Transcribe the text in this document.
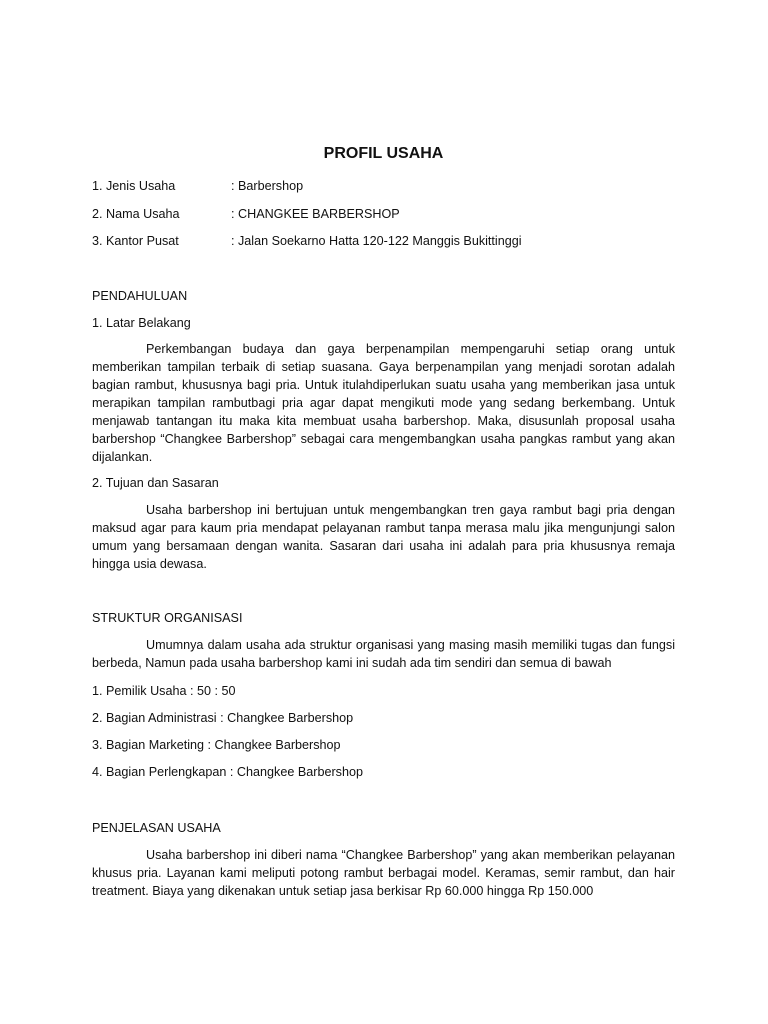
PROFIL USAHA
1. Jenis Usaha	: Barbershop
2. Nama Usaha	: CHANGKEE BARBERSHOP
3. Kantor Pusat	: Jalan Soekarno Hatta 120-122 Manggis Bukittinggi
PENDAHULUAN
1. Latar Belakang

Perkembangan budaya dan gaya berpenampilan mempengaruhi setiap orang untuk memberikan tampilan terbaik di setiap suasana. Gaya berpenampilan yang menjadi sorotan adalah bagian rambut, khususnya bagi pria. Untuk itulahdiperlukan suatu usaha yang memberikan jasa untuk merapikan tampilan rambutbagi pria agar dapat mengikuti mode yang sedang berkembang. Untuk menjawab tantangan itu maka kita membuat usaha barbershop. Maka, disusunlah proposal usaha barbershop “Changkee Barbershop” sebagai cara mengembangkan usaha pangkas rambut yang akan dijalankan.

2. Tujuan dan Sasaran

Usaha barbershop ini bertujuan untuk mengembangkan tren gaya rambut bagi pria dengan maksud agar para kaum pria mendapat pelayanan rambut tanpa merasa malu jika mengunjungi salon umum yang bersamaan dengan wanita. Sasaran dari usaha ini adalah para pria khususnya remaja hingga usia dewasa.

STRUKTUR ORGANISASI

Umumnya dalam usaha ada struktur organisasi yang masing masih memiliki tugas dan fungsi berbeda, Namun pada usaha barbershop kami ini sudah ada tim sendiri dan semua di bawah

1. Pemilik Usaha : 50 : 50
2. Bagian Administrasi : Changkee Barbershop
3. Bagian Marketing : Changkee Barbershop
4. Bagian Perlengkapan : Changkee Barbershop
PENJELASAN USAHA

Usaha barbershop ini diberi nama “Changkee Barbershop” yang akan memberikan pelayanan khusus pria. Layanan kami meliputi potong rambut berbagai model. Keramas, semir rambut, dan hair treatment. Biaya yang dikenakan untuk setiap jasa berkisar Rp 60.000 hingga Rp 150.000
